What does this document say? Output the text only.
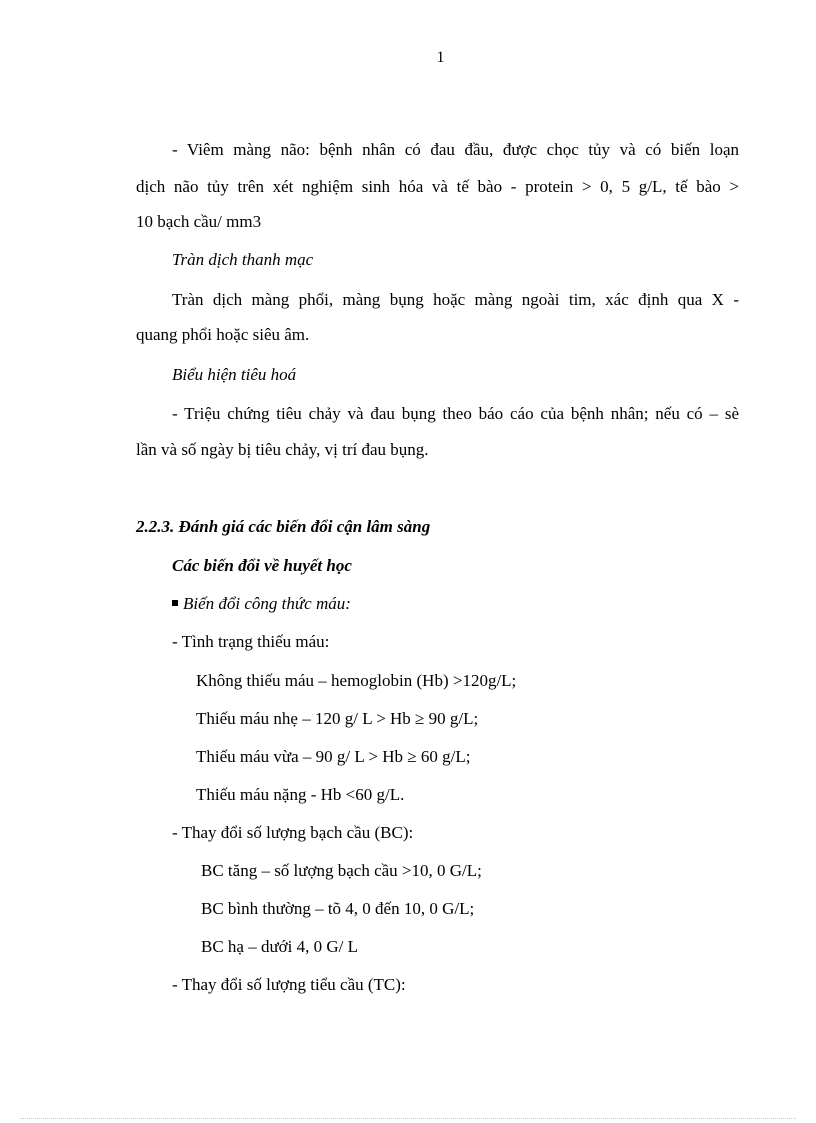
1
- Viêm màng não: bệnh nhân có đau đầu, được chọc tủy và có biến loạn
dịch não tủy trên xét nghiệm sinh hóa và tế bào - protein > 0, 5 g/L, tế bào >
10 bạch cầu/ mm3
Tràn dịch thanh mạc
Tràn dịch màng phổi, màng bụng hoặc màng ngoài tim, xác định qua X -
quang phổi hoặc siêu âm.
Biểu hiện tiêu hoá
- Triệu chứng tiêu chảy và đau bụng theo báo cáo của bệnh nhân; nếu có – sè
lần và số ngày bị tiêu chảy, vị trí đau bụng.
2.2.3. Đánh giá các biến đổi cận lâm sàng
Các biến đổi về huyết học
Biến đổi công thức máu:
- Tình trạng thiếu máu:
Không thiếu máu – hemoglobin (Hb) >120g/L;
Thiếu máu nhẹ – 120 g/ L > Hb ≥ 90 g/L;
Thiếu máu vừa – 90 g/ L > Hb ≥ 60 g/L;
Thiếu máu nặng - Hb <60 g/L.
- Thay đổi số lượng bạch cầu (BC):
BC tăng – số lượng bạch cầu >10, 0 G/L;
BC bình thường – tõ 4, 0 đến 10, 0 G/L;
BC hạ – dưới 4, 0 G/ L
- Thay đổi số lượng tiểu cầu (TC):
